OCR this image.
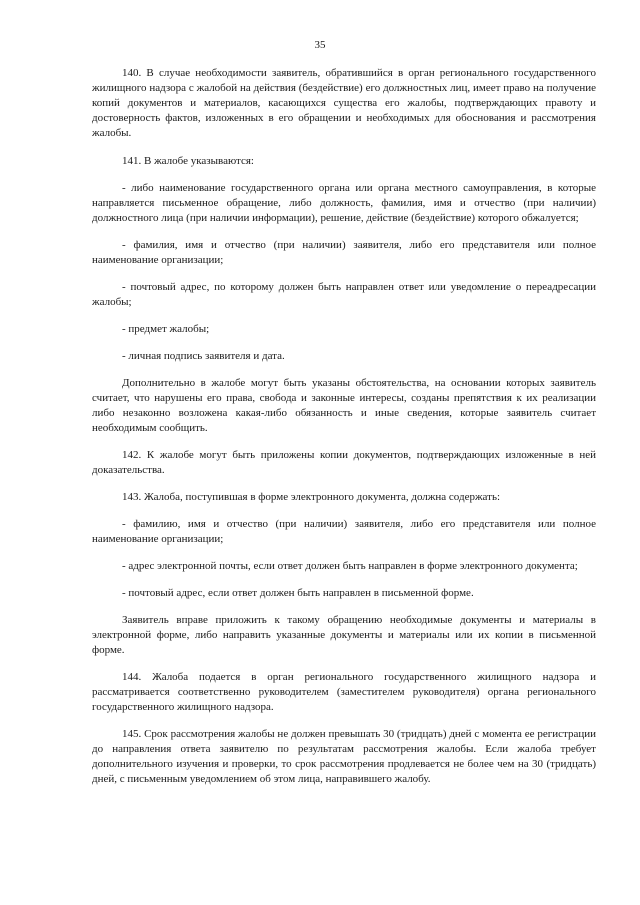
35

140. В случае необходимости заявитель, обратившийся в орган регионального государственного жилищного надзора с жалобой на действия (бездействие) его должностных лиц, имеет право на получение копий документов и материалов, касающихся существа его жалобы, подтверждающих правоту и достоверность фактов, изложенных в его обращении и необходимых для обоснования и рассмотрения жалобы.

141. В жалобе указываются:

- либо наименование государственного органа или органа местного самоуправления, в которые направляется письменное обращение, либо должность, фамилия, имя и отчество (при наличии) должностного лица (при наличии информации), решение, действие (бездействие) которого обжалуется;

- фамилия, имя и отчество (при наличии) заявителя, либо его представителя или полное наименование организации;

- почтовый адрес, по которому должен быть направлен ответ или уведомление о переадресации жалобы;

- предмет жалобы;

- личная подпись заявителя и дата.

Дополнительно в жалобе могут быть указаны обстоятельства, на основании которых заявитель считает, что нарушены его права, свобода и законные интересы, созданы препятствия к их реализации либо незаконно возложена какая-либо обязанность и иные сведения, которые заявитель считает необходимым сообщить.

142. К жалобе могут быть приложены копии документов, подтверждающих изложенные в ней доказательства.

143. Жалоба, поступившая в форме электронного документа, должна содержать:

- фамилию, имя и отчество (при наличии) заявителя, либо его представителя или полное наименование организации;

- адрес электронной почты, если ответ должен быть направлен в форме электронного документа;

- почтовый адрес, если ответ должен быть направлен в письменной форме.

Заявитель вправе приложить к такому обращению необходимые документы и материалы в электронной форме, либо направить указанные документы и материалы или их копии в письменной форме.

144. Жалоба подается в орган регионального государственного жилищного надзора и рассматривается соответственно руководителем (заместителем руководителя) органа регионального государственного жилищного надзора.

145. Срок рассмотрения жалобы не должен превышать 30 (тридцать) дней с момента ее регистрации до направления ответа заявителю по результатам рассмотрения жалобы. Если жалоба требует дополнительного изучения и проверки, то срок рассмотрения продлевается не более чем на 30 (тридцать) дней, с письменным уведомлением об этом лица, направившего жалобу.
